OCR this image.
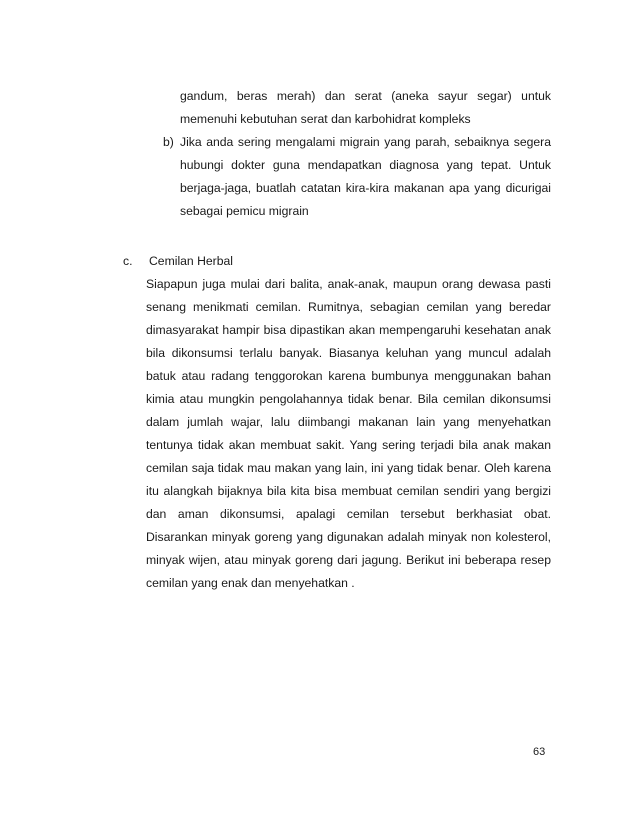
gandum, beras merah) dan serat (aneka sayur segar) untuk
memenuhi kebutuhan serat dan karbohidrat kompleks
b) Jika anda sering mengalami migrain yang parah, sebaiknya segera
hubungi dokter guna mendapatkan diagnosa yang tepat. Untuk
berjaga-jaga, buatlah catatan kira-kira makanan apa yang dicurigai
sebagai pemicu migrain
c. Cemilan Herbal
Siapapun juga mulai dari balita, anak-anak, maupun orang dewasa pasti
senang menikmati cemilan. Rumitnya, sebagian cemilan yang beredar
dimasyarakat hampir bisa dipastikan akan mempengaruhi kesehatan anak
bila dikonsumsi terlalu banyak. Biasanya keluhan yang muncul adalah
batuk atau radang tenggorokan karena bumbunya menggunakan bahan
kimia atau mungkin pengolahannya tidak benar. Bila cemilan dikonsumsi
dalam jumlah wajar, lalu diimbangi makanan lain yang menyehatkan
tentunya tidak akan membuat sakit. Yang sering terjadi bila anak makan
cemilan saja tidak mau makan yang lain, ini yang tidak benar. Oleh karena
itu alangkah bijaknya bila kita bisa membuat cemilan sendiri yang bergizi
dan aman dikonsumsi, apalagi cemilan tersebut berkhasiat obat.
Disarankan minyak goreng yang digunakan adalah minyak non kolesterol,
minyak wijen, atau minyak goreng dari jagung. Berikut ini beberapa resep
cemilan yang enak dan menyehatkan .
63
